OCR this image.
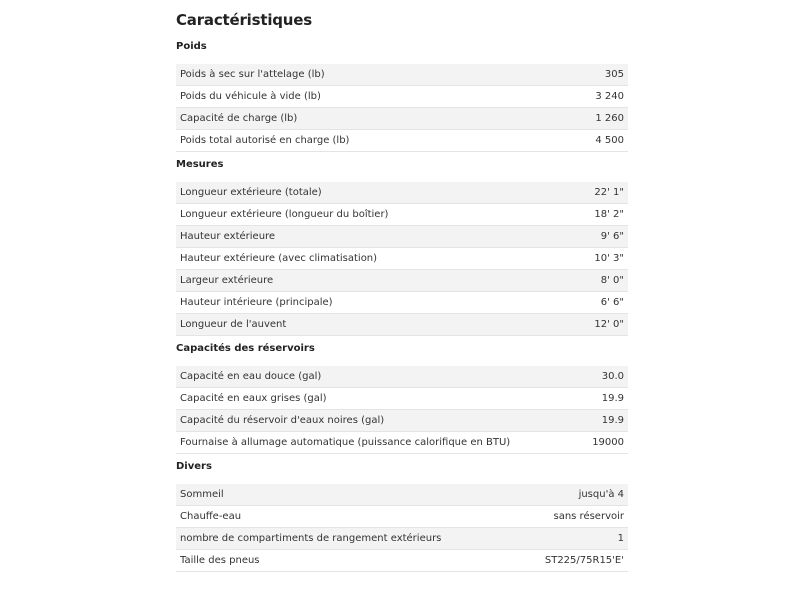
Caractéristiques
Poids
Poids à sec sur l'attelage (lb)	305
Poids du véhicule à vide (lb)	3 240
Capacité de charge (lb)	1 260
Poids total autorisé en charge (lb)	4 500
Mesures
Longueur extérieure (totale)	22' 1"
Longueur extérieure (longueur du boîtier)	18' 2"
Hauteur extérieure	9' 6"
Hauteur extérieure (avec climatisation)	10' 3"
Largeur extérieure	8' 0"
Hauteur intérieure (principale)	6' 6"
Longueur de l'auvent	12' 0"
Capacités des réservoirs
Capacité en eau douce (gal)	30.0
Capacité en eaux grises (gal)	19.9
Capacité du réservoir d'eaux noires (gal)	19.9
Fournaise à allumage automatique (puissance calorifique en BTU)	19000
Divers
Sommeil	jusqu'à 4
Chauffe-eau	sans réservoir
nombre de compartiments de rangement extérieurs	1
Taille des pneus	ST225/75R15'E'
